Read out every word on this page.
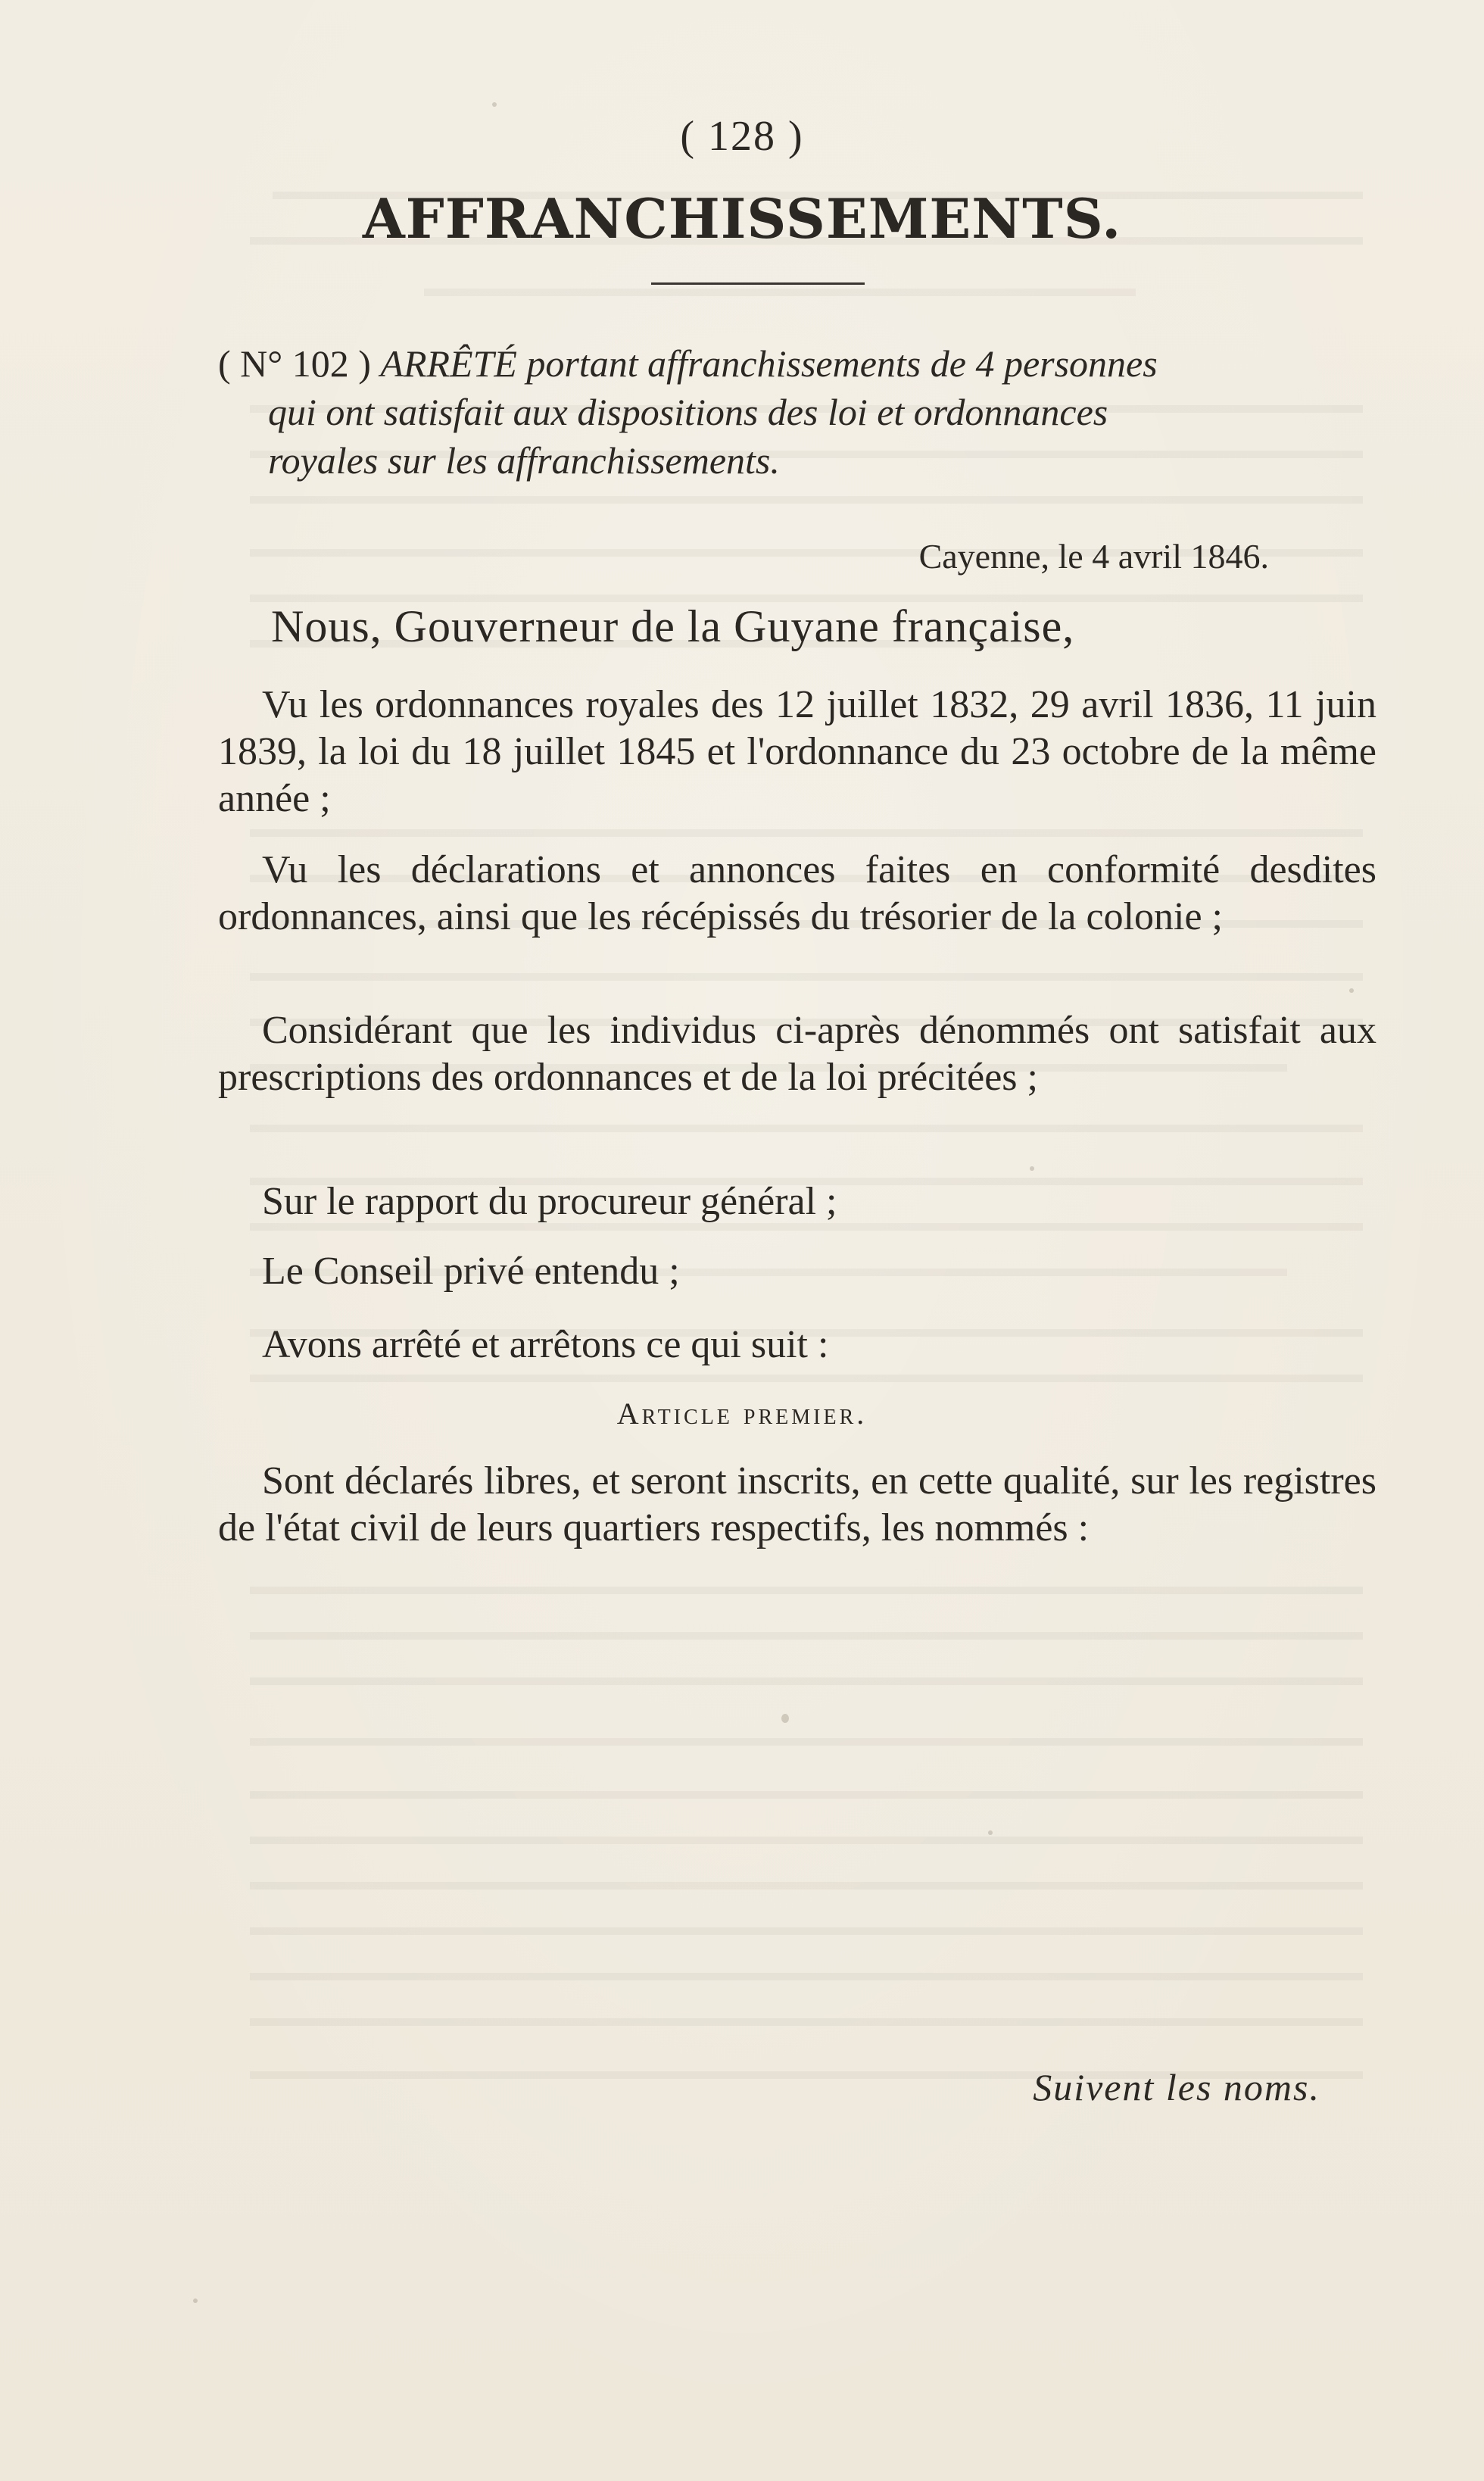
( 128 )
AFFRANCHISSEMENTS.
( N° 102 ) ARRÊTÉ portant affranchissements de 4 personnes
qui ont satisfait aux dispositions des loi et ordonnances
royales sur les affranchissements.
Cayenne, le 4 avril 1846.
Nous, Gouverneur de la Guyane française,
Vu les ordonnances royales des 12 juillet 1832, 29 avril 1836, 11 juin 1839, la loi du 18 juillet 1845 et l'ordonnance du 23 octobre de la même année ;
Vu les déclarations et annonces faites en conformité desdites ordonnances, ainsi que les récépissés du trésorier de la colonie ;
Considérant que les individus ci-après dénommés ont satisfait aux prescriptions des ordonnances et de la loi précitées ;
Sur le rapport du procureur général ;
Le Conseil privé entendu ;
Avons arrêté et arrêtons ce qui suit :
Article premier.
Sont déclarés libres, et seront inscrits, en cette qualité, sur les registres de l'état civil de leurs quartiers respectifs, les nommés :
Suivent les noms.
